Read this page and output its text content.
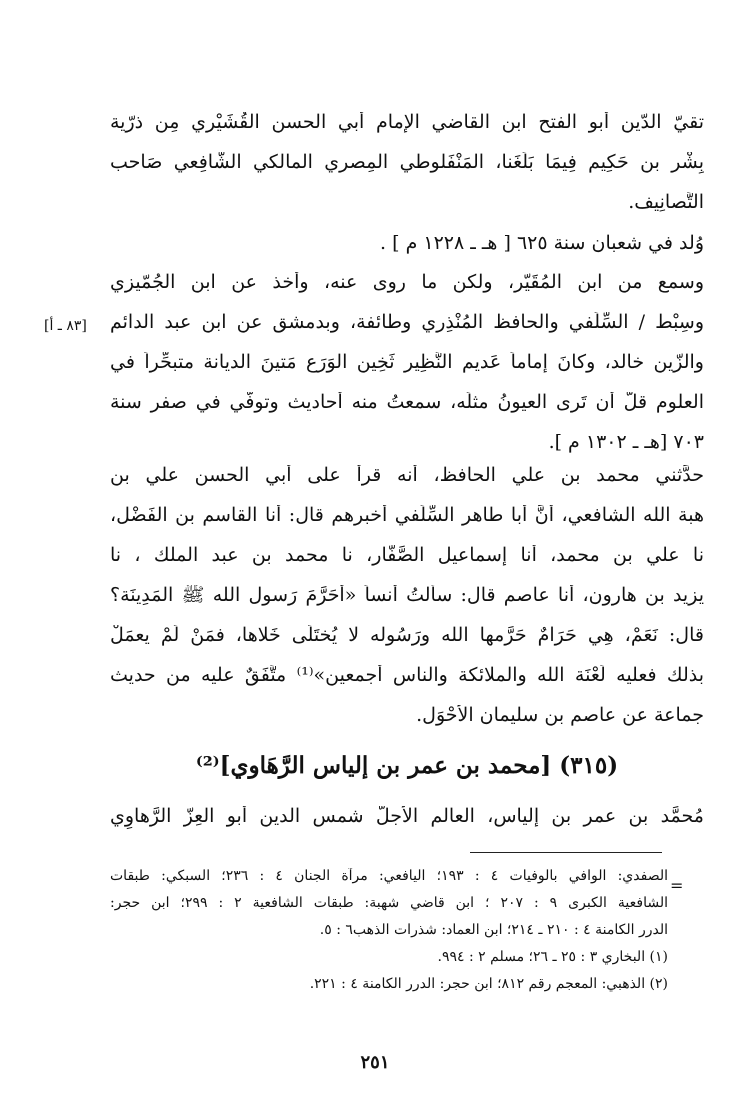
تقيّ الدّين أبو الفتح ابن القاضي الإمام أبي الحسن القُشَيْري مِن ذرّية
بِشْر بن حَكِيم فِيمَا بَلَغَنا، المَنْفَلوطي المِصري المالكي الشّافِعي صَاحب
التَّصانِيف.
وُلد في شعبان سنة ٦٢٥ [ هـ ـ ١٢٢٨ م ] .
وسمع من ابن المُقَيّر، ولكن ما روى عنه، وأخذ عن ابن الجُمّيزي
وسِبْط / السِّلَفي والحافظ المُنْذِري وطائفة، وبدمشق عن ابن عبد الدائم
والزّين خالد، وكانَ إماماً عَديم النَّظِير ثَخِين الوَرَع مَتينَ الديانة متبحِّراً في
العلوم قلَّ أن تَرى العيونُ مثلَه، سمعتُ منه أحاديث وتوفّي في صفر سنة
٧٠٣ [هـ ـ ١٣٠٢ م ].
[٨٣ ـ أ]
حدَّثني محمد بن علي الحافظ، أنه قرأ على أبي الحسن علي بن
هبة الله الشافعي، أنَّ أبا طاهر السِّلَفي أخبرهم قال: أنا القاسم بن الفَضْل،
نا علي بن محمد، أنا إسماعيل الصَّفّار، نا محمد بن عبد الملك ، نا
يزيد بن هارون، أنا عاصم قال: سألتُ أنساً «أحَرَّمَ رَسول الله ﷺ المَدِينَة؟
قال: نَعَمْ، هِي حَرَامٌ حَرَّمها الله ورَسُوله لا يُختَلَى خَلاها، فمَنْ لَمْ يعمَلْ
بذلك فعليه لَعْنَة الله والملائكة والناس أجمعين»⁽¹⁾ متَّفَقٌ عليه من حديث
جماعة عن عاصم بن سليمان الأحْوَل.
(٣١٥) [محمد بن عمر بن إلياس الرَّهَاوي]⁽²⁾
مُحمَّد بن عمر بن إلياس، العالم الأجلُّ شمس الدين أبو العِزّ الرَّهاوِي
=
الصفدي: الوافي بالوفيات ٤ : ١٩٣؛ اليافعي: مرآة الجنان ٤ : ٢٣٦؛ السبكي: طبقات
الشافعية الكبرى ٩ : ٢٠٧ ؛ ابن قاضي شهبة: طبقات الشافعية ٢ : ٢٩٩؛ ابن حجر:
الدرر الكامنة ٤ : ٢١٠ ـ ٢١٤؛ ابن العماد: شذرات الذهب٦ : ٥.
(١) البخاري ٣ : ٢٥ ـ ٢٦؛ مسلم ٢ : ٩٩٤.
(٢) الذهبي: المعجم رقم ٨١٢؛ ابن حجر: الدرر الكامنة ٤ : ٢٢١.
٢٥١
